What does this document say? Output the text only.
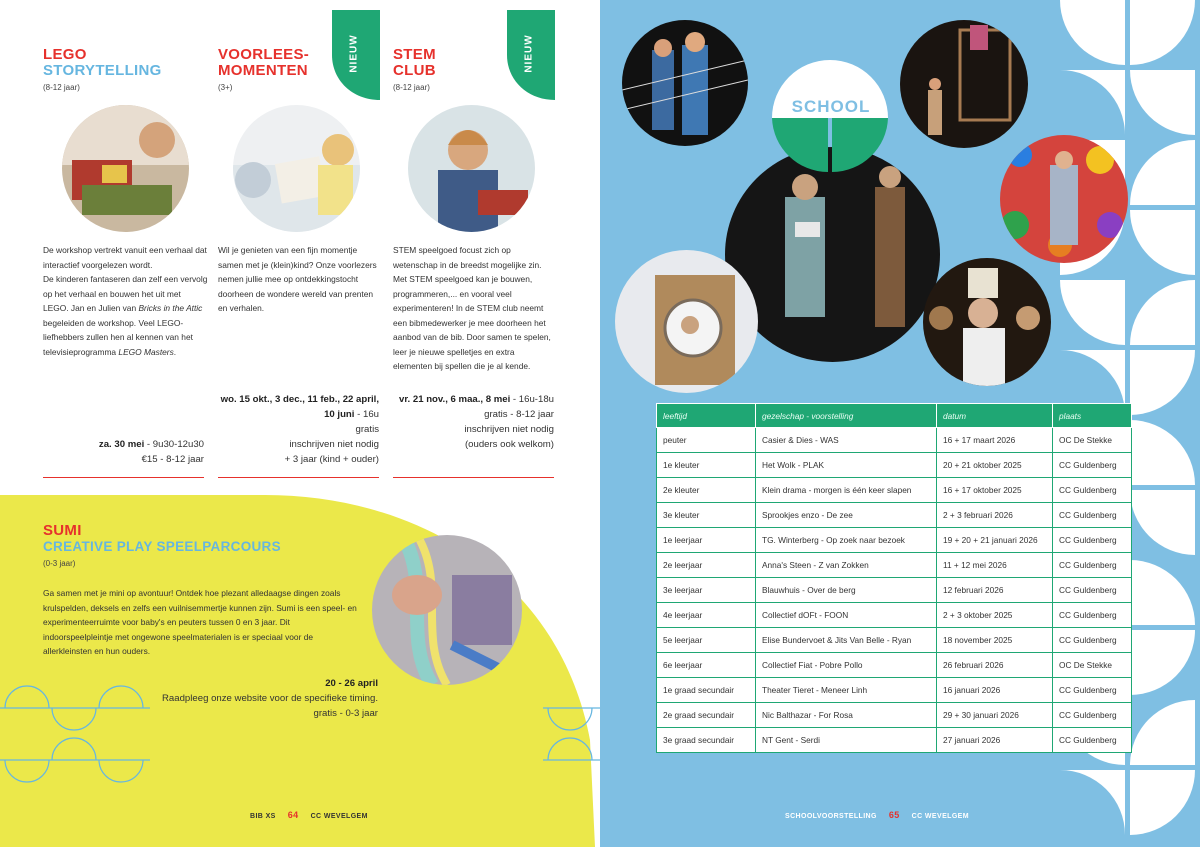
NIEUW	NIEUW
LEGO
STORYTELLING
(8-12 jaar)
De workshop vertrekt vanuit een verhaal dat interactief voorgelezen wordt.
De kinderen fantaseren dan zelf een vervolg op het verhaal en bouwen het uit met LEGO. Jan en Julien van Bricks in the Attic begeleiden de workshop. Veel LEGO-liefhebbers zullen hen al kennen van het televisieprogramma LEGO Masters.
za. 30 mei - 9u30-12u30
€15 - 8-12 jaar
VOORLEES-
MOMENTEN
(3+)
Wil je genieten van een fijn momentje samen met je (klein)kind? Onze voorlezers nemen jullie mee op ontdekkingstocht doorheen de wondere wereld van prenten en verhalen.
wo. 15 okt., 3 dec., 11 feb., 22 april, 10 juni - 16u
gratis
inschrijven niet nodig
+ 3 jaar (kind + ouder)
STEM
CLUB
(8-12 jaar)
STEM speelgoed focust zich op wetenschap in de breedst mogelijke zin. Met STEM speelgoed kan je bouwen, programmeren,... en vooral veel experimenteren! In de STEM club neemt een bibmedewerker je mee doorheen het aanbod van de bib. Door samen te spelen, leer je nieuwe spelletjes en extra elementen bij spellen die je al kende.
vr. 21 nov., 6 maa., 8 mei - 16u-18u
gratis - 8-12 jaar
inschrijven niet nodig
(ouders ook welkom)
SUMI
CREATIVE PLAY SPEELPARCOURS
(0-3 jaar)
Ga samen met je mini op avontuur! Ontdek hoe plezant alledaagse dingen zoals krulspelden, deksels en zelfs een vuilnisemmertje kunnen zijn. Sumi is een speel- en experimenteerruimte voor baby's en peuters tussen 0 en 3 jaar. Dit indoorspeelpleintje met ongewone speelmaterialen is er speciaal voor de allerkleinsten en hun ouders.
20 - 26 april
Raadpleeg onze website voor de specifieke timing.
gratis - 0-3 jaar
BIB XS 64 CC WEVELGEM
SCHOOL
SCHOOLVOORSTELLING 65 CC WEVELGEM
leeftijd	gezelschap - voorstelling	datum	plaats
peuter	Casier & Dies - WAS	16 + 17 maart 2026	OC De Stekke
1e kleuter	Het Wolk - PLAK	20 + 21 oktober 2025	CC Guldenberg
2e kleuter	Klein drama - morgen is één keer slapen	16 + 17 oktober 2025	CC Guldenberg
3e kleuter	Sprookjes enzo - De zee	2 + 3 februari 2026	CC Guldenberg
1e leerjaar	TG. Winterberg - Op zoek naar bezoek	19 + 20 + 21 januari 2026	CC Guldenberg
2e leerjaar	Anna's Steen - Z van Zokken	11 + 12 mei 2026	CC Guldenberg
3e leerjaar	Blauwhuis - Over de berg	12 februari 2026	CC Guldenberg
4e leerjaar	Collectief dOFt - FOON	2 + 3 oktober 2025	CC Guldenberg
5e leerjaar	Elise Bundervoet & Jits Van Belle - Ryan	18 november 2025	CC Guldenberg
6e leerjaar	Collectief Fiat - Pobre Pollo	26 februari 2026	OC De Stekke
1e graad secundair	Theater Tieret - Meneer Linh	16 januari 2026	CC Guldenberg
2e graad secundair	Nic Balthazar - For Rosa	29 + 30 januari 2026	CC Guldenberg
3e graad secundair	NT Gent - Serdi	27 januari 2026	CC Guldenberg
